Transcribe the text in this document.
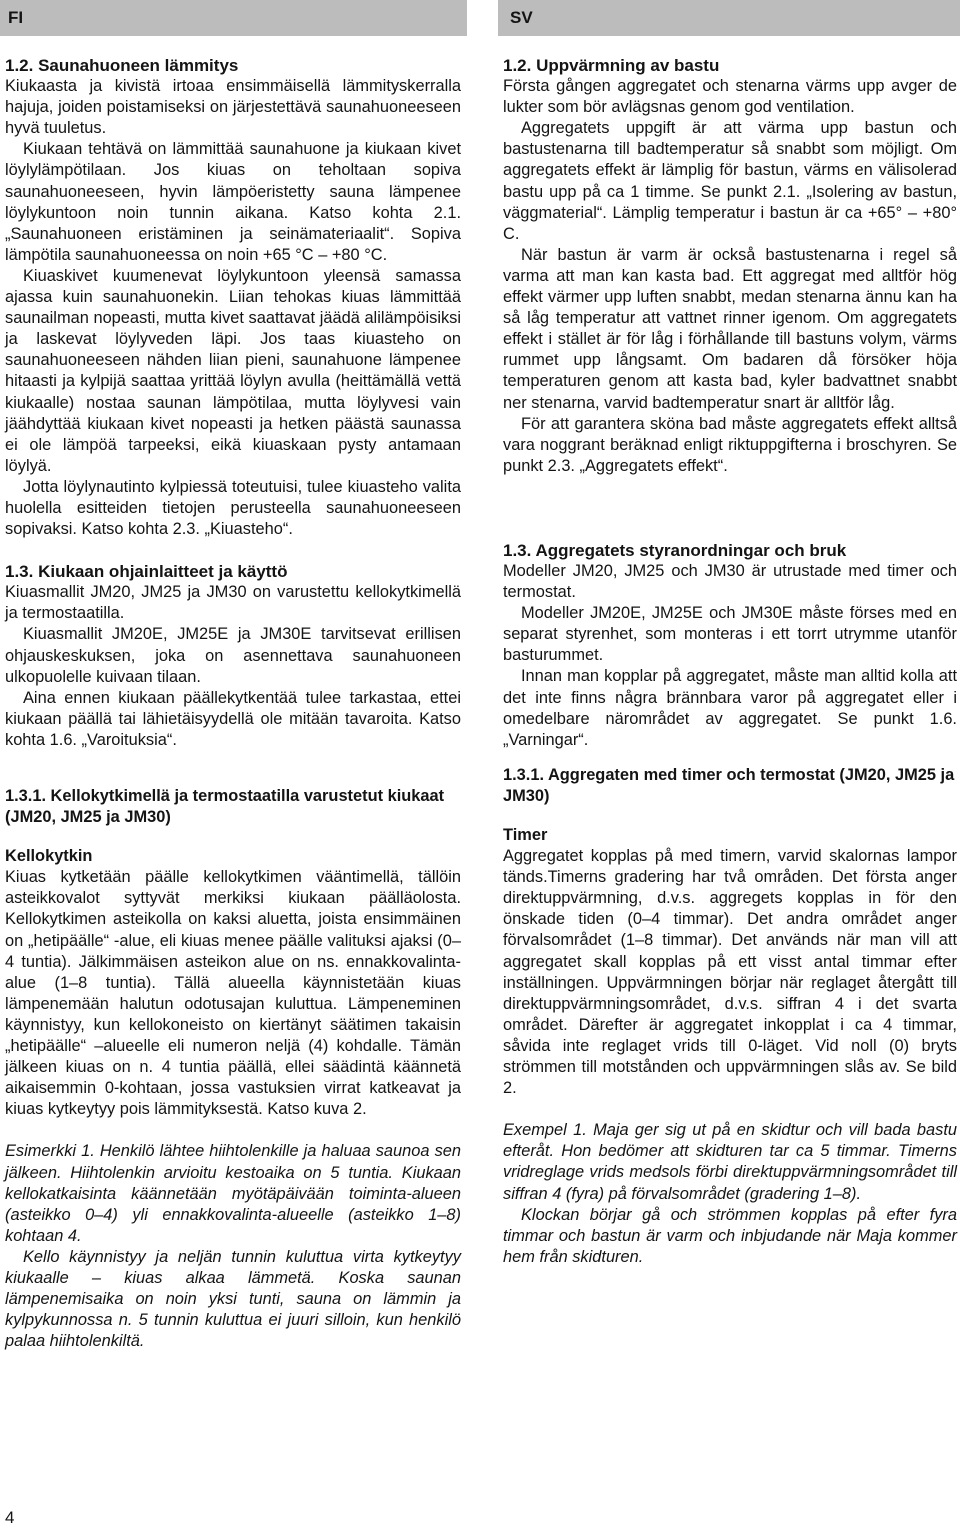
FI	SV
1.2. Saunahuoneen lämmitys

Kiukaasta ja kivistä irtoaa ensimmäisellä lämmityskerralla hajuja, joiden poistamiseksi on järjestettävä saunahuoneeseen hyvä tuuletus.

Kiukaan tehtävä on lämmittää saunahuone ja kiukaan kivet löylylämpötilaan. Jos kiuas on teholtaan sopiva saunahuoneeseen, hyvin lämpöeristetty sauna lämpenee löylykuntoon noin tunnin aikana. Katso kohta 2.1. „Saunahuoneen eristäminen ja seinämateriaalit“. Sopiva lämpötila saunahuoneessa on noin +65 °C – +80 °C.

Kiuaskivet kuumenevat löylykuntoon yleensä samassa ajassa kuin saunahuonekin. Liian tehokas kiuas lämmittää saunailman nopeasti, mutta kivet saattavat jäädä alilämpöisiksi ja laskevat löylyveden läpi. Jos taas kiuasteho on saunahuoneeseen nähden liian pieni, saunahuone lämpenee hitaasti ja kylpijä saattaa yrittää löylyn avulla (heittämällä vettä kiukaalle) nostaa saunan lämpötilaa, mutta löylyvesi vain jäähdyttää kiukaan kivet nopeasti ja hetken päästä saunassa ei ole lämpöä tarpeeksi, eikä kiuaskaan pysty antamaan löylyä.

Jotta löylynautinto kylpiessä toteutuisi, tulee kiuasteho valita huolella esitteiden tietojen perusteella saunahuoneeseen sopivaksi. Katso kohta 2.3. „Kiuasteho“.

1.3. Kiukaan ohjainlaitteet ja käyttö

Kiuasmallit JM20, JM25 ja JM30 on varustettu kellokytkimellä ja termostaatilla.

Kiuasmallit JM20E, JM25E ja JM30E tarvitsevat erillisen ohjauskeskuksen, joka on asennettava saunahuoneen ulkopuolelle kuivaan tilaan.

Aina ennen kiukaan päällekytkentää tulee tarkastaa, ettei kiukaan päällä tai lähietäisyydellä ole mitään tavaroita. Katso kohta 1.6. „Varoituksia“.

1.3.1. Kellokytkimellä ja termostaatilla varustetut kiukaat (JM20, JM25 ja JM30)

Kellokytkin

Kiuas kytketään päälle kellokytkimen vääntimellä, tällöin asteikkovalot syttyvät merkiksi kiukaan päälläolosta. Kellokytkimen asteikolla on kaksi aluetta, joista ensimmäinen on „hetipäälle“ -alue, eli kiuas menee päälle valituksi ajaksi (0–4 tuntia). Jälkimmäisen asteikon alue on ns. ennakkovalinta-alue (1–8 tuntia). Tällä alueella käynnistetään kiuas lämpenemään halutun odotusajan kuluttua. Lämpeneminen käynnistyy, kun kellokoneisto on kiertänyt säätimen takaisin „hetipäälle“ –alueelle eli numeron neljä (4) kohdalle. Tämän jälkeen kiuas on n. 4 tuntia päällä, ellei säädintä käännetä aikaisemmin 0-kohtaan, jossa vastuksien virrat katkeavat ja kiuas kytkeytyy pois lämmityksestä. Katso kuva 2.

Esimerkki 1. Henkilö lähtee hiihtolenkille ja haluaa saunoa sen jälkeen. Hiihtolenkin arvioitu kestoaika on 5 tuntia. Kiukaan kellokatkaisinta käännetään myötäpäivään toiminta-alueen (asteikko 0–4) yli ennakkovalinta-alueelle (asteikko 1–8) kohtaan 4.

Kello käynnistyy ja neljän tunnin kuluttua virta kytkeytyy kiukaalle – kiuas alkaa lämmetä. Koska saunan lämpenemisaika on noin yksi tunti, sauna on lämmin ja kylpykunnossa n. 5 tunnin kuluttua ei juuri silloin, kun henkilö palaa hiihtolenkiltä.

1.2. Uppvärmning av bastu

Första gången aggregatet och stenarna värms upp avger de lukter som bör avlägsnas genom god ventilation.

Aggregatets uppgift är att värma upp bastun och bastustenarna till badtemperatur så snabbt som möjligt. Om aggregatets effekt är lämplig för bastun, värms en välisolerad bastu upp på ca 1 timme. Se punkt 2.1. „Isolering av bastun, väggmaterial“. Lämplig temperatur i bastun är ca +65° – +80° C.

När bastun är varm är också bastustenarna i regel så varma att man kan kasta bad. Ett aggregat med alltför hög effekt värmer upp luften snabbt, medan stenarna ännu kan ha så låg temperatur att vattnet rinner igenom. Om aggregatets effekt i stället är för låg i förhållande till bastuns volym, värms rummet upp långsamt. Om badaren då försöker höja temperaturen genom att kasta bad, kyler badvattnet snabbt ner stenarna, varvid badtemperatur snart är alltför låg.

För att garantera sköna bad måste aggregatets effekt alltså vara noggrant beräknad enligt riktuppgifterna i broschyren. Se punkt 2.3. „Aggregatets effekt“.

1.3. Aggregatets styranordningar och bruk

Modeller JM20, JM25 och JM30 är utrustade med timer och termostat.

Modeller JM20E, JM25E och JM30E måste förses med en separat styrenhet, som monteras i ett torrt utrymme utanför basturummet.

Innan man kopplar på aggregatet, måste man alltid kolla att det inte finns några brännbara varor på aggregatet eller i omedelbare närområdet av aggregatet. Se punkt 1.6. „Varningar“.

1.3.1. Aggregaten med timer och termostat (JM20, JM25 ja JM30)

Timer

Aggregatet kopplas på med timern, varvid skalornas lampor tänds.Timerns gradering har två områden. Det första anger direktuppvärmning, d.v.s. aggregets kopplas in för den önskade tiden (0–4 timmar). Det andra området anger förvalsområdet (1–8 timmar). Det används när man vill att aggregatet skall kopplas på ett visst antal timmar efter inställningen. Uppvärmningen börjar när reglaget återgått till direktuppvärmningsområdet, d.v.s. siffran 4 i det svarta området. Därefter är aggregatet inkopplat i ca 4 timmar, såvida inte reglaget vrids till 0-läget. Vid noll (0) bryts strömmen till motstånden och uppvärmningen slås av. Se bild 2.

Exempel 1. Maja ger sig ut på en skidtur och vill bada bastu efteråt. Hon bedömer att skidturen tar ca 5 timmar. Timerns vridreglage vrids medsols förbi direktuppvärmningsområdet till siffran 4 (fyra) på förvalsområdet (gradering 1–8).

Klockan börjar gå och strömmen kopplas på efter fyra timmar och bastun är varm och inbjudande när Maja kommer hem från skidturen.

4
